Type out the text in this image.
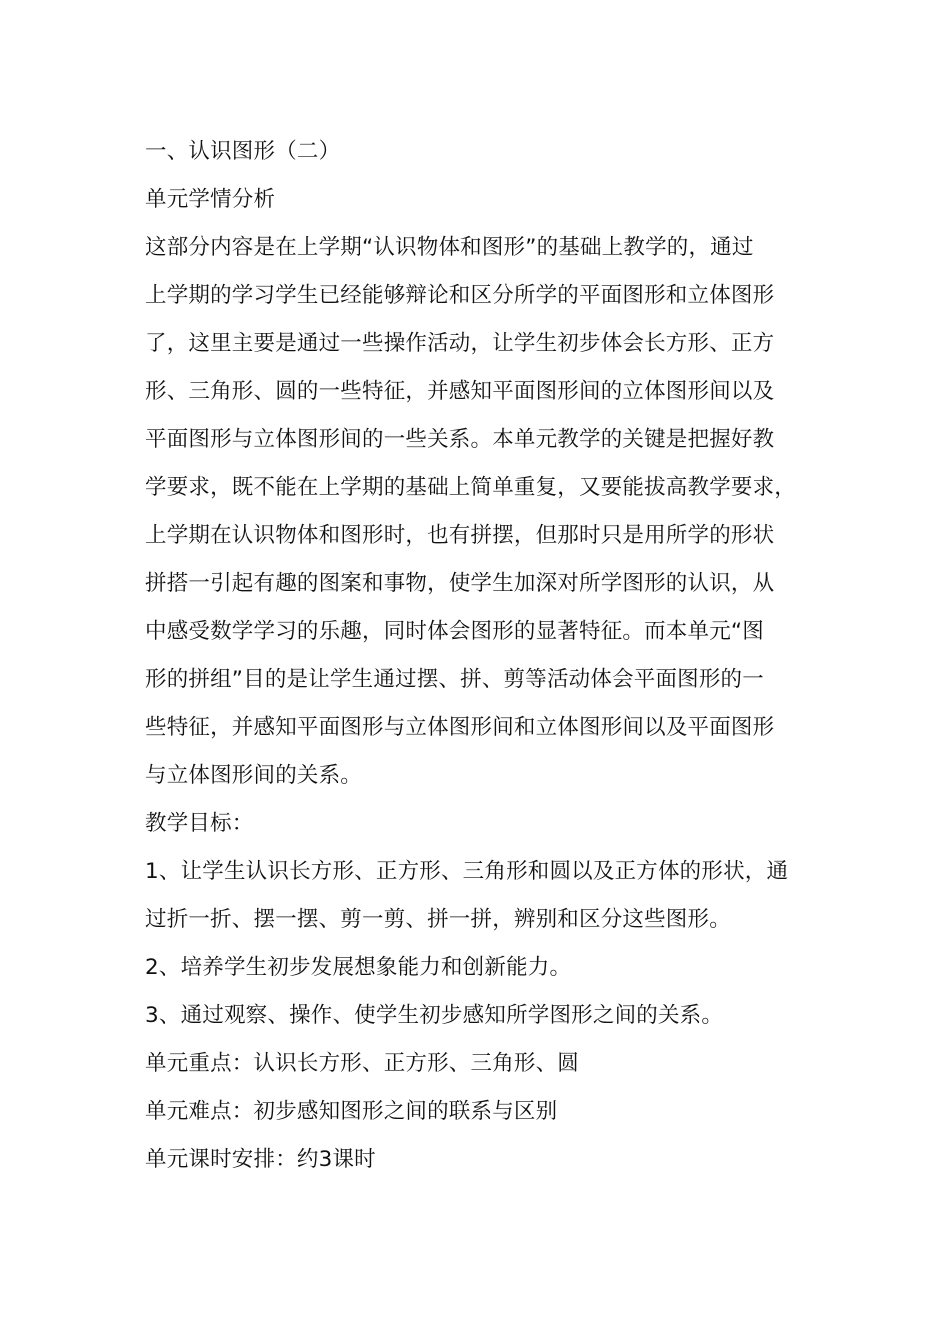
一、认识图形（二）

单元学情分析

这部分内容是在上学期“认识物体和图形”的基础上教学的，通过

上学期的学习学生已经能够辩论和区分所学的平面图形和立体图形

了，这里主要是通过一些操作活动，让学生初步体会长方形、正方

形、三角形、圆的一些特征，并感知平面图形间的立体图形间以及

平面图形与立体图形间的一些关系。本单元教学的关键是把握好教

学要求，既不能在上学期的基础上简单重复，又要能拔高教学要求，

上学期在认识物体和图形时，也有拼摆，但那时只是用所学的形状

拼搭一引起有趣的图案和事物，使学生加深对所学图形的认识，从

中感受数学学习的乐趣，同时体会图形的显著特征。而本单元“图

形的拼组”目的是让学生通过摆、拼、剪等活动体会平面图形的一

些特征，并感知平面图形与立体图形间和立体图形间以及平面图形

与立体图形间的关系。

教学目标：

1、让学生认识长方形、正方形、三角形和圆以及正方体的形状，通

过折一折、摆一摆、剪一剪、拼一拼，辨别和区分这些图形。

2、培养学生初步发展想象能力和创新能力。

3、通过观察、操作、使学生初步感知所学图形之间的关系。

单元重点：认识长方形、正方形、三角形、圆

单元难点：初步感知图形之间的联系与区别

单元课时安排：约3课时
